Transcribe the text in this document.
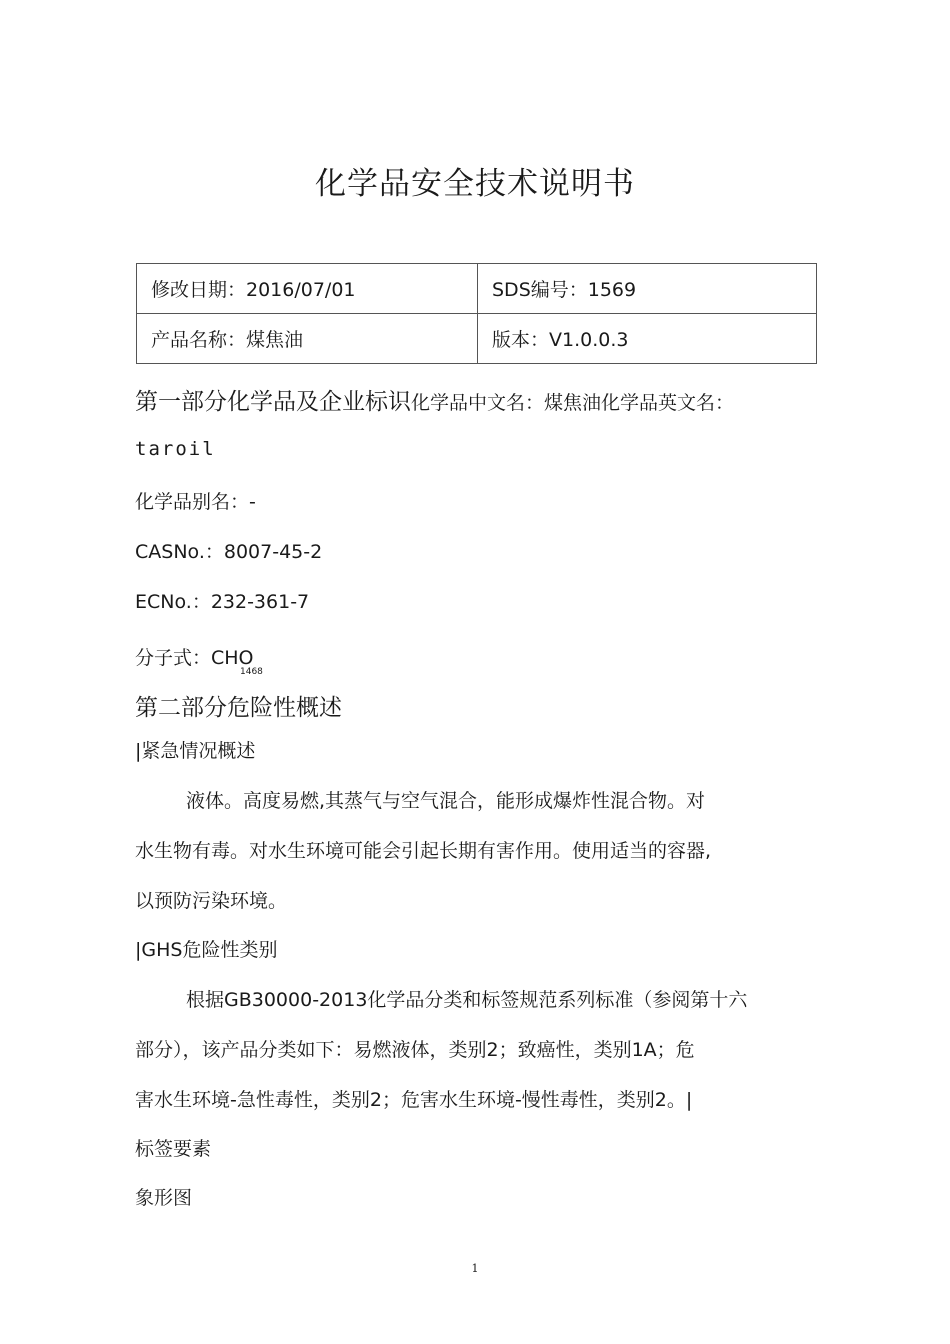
化学品安全技术说明书
修改日期：2016/07/01	SDS编号：1569
产品名称：煤焦油	版本：V1.0.0.3
第一部分化学品及企业标识化学品中文名：煤焦油化学品英文名：
taroil
化学品别名：-
CASNo.：8007-45-2
ECNo.：232-361-7
分子式：CHO
1468
第二部分危险性概述
|紧急情况概述
液体。高度易燃,其蒸气与空气混合，能形成爆炸性混合物。对
水生物有毒。对水生环境可能会引起长期有害作用。使用适当的容器,
以预防污染环境。
|GHS危险性类别
根据GB30000-2013化学品分类和标签规范系列标准（参阅第十六
部分），该产品分类如下：易燃液体，类别2；致癌性，类别1A；危
害水生环境-急性毒性，类别2；危害水生环境-慢性毒性，类别2。|
标签要素
象形图
1
